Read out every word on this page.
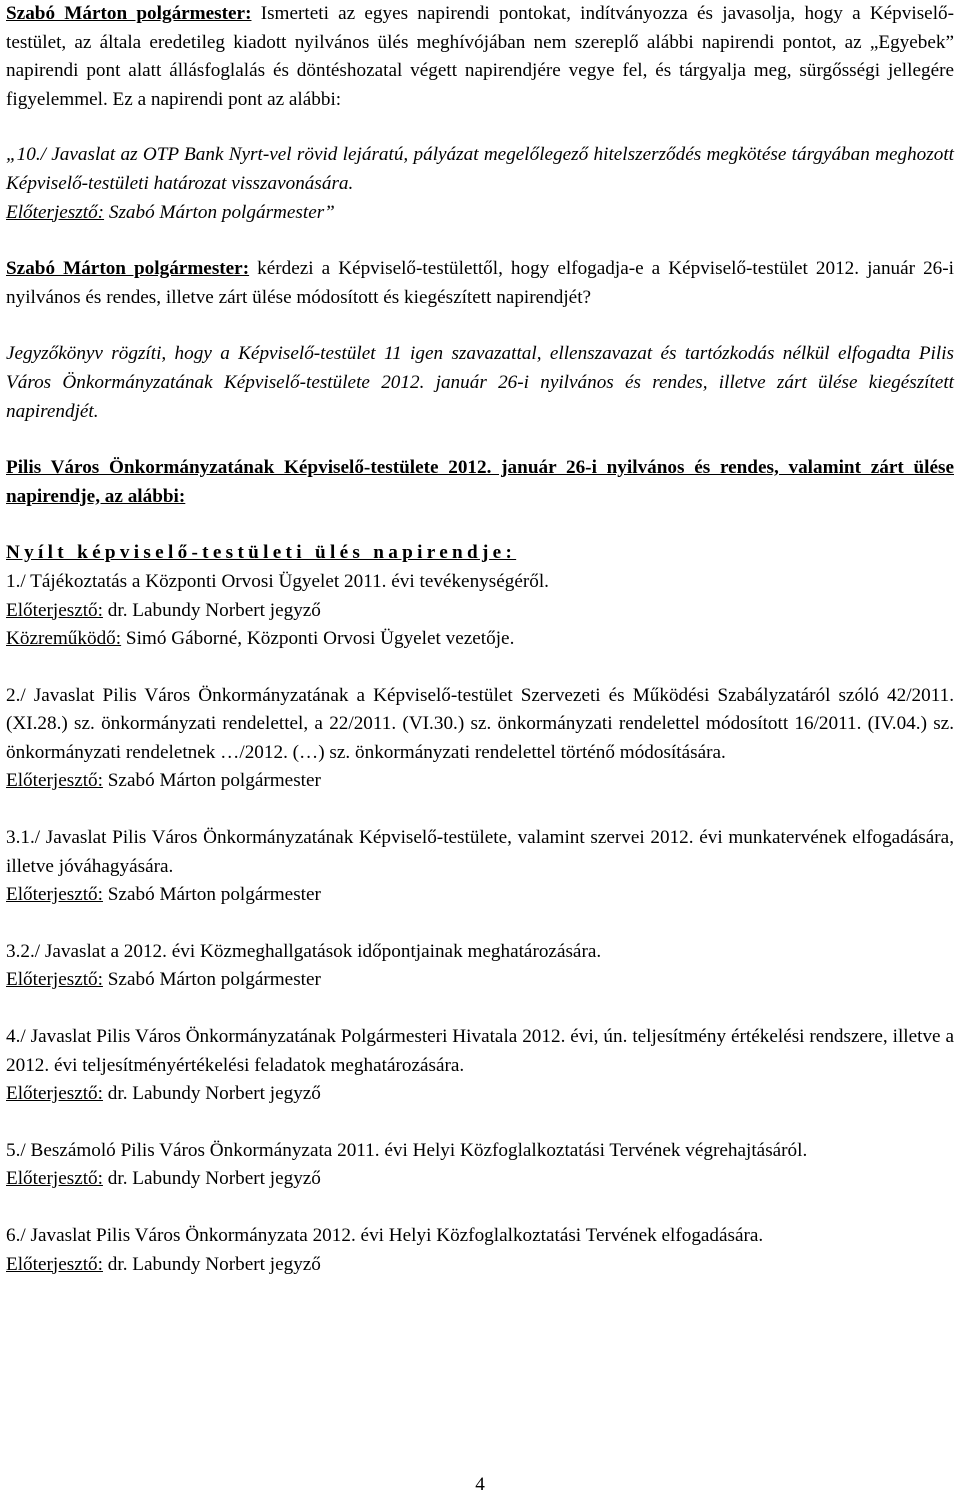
Szabó Márton polgármester: Ismerteti az egyes napirendi pontokat, indítványozza és javasolja, hogy a Képviselő-testület, az általa eredetileg kiadott nyilvános ülés meghívójában nem szereplő alábbi napirendi pontot, az „Egyebek” napirendi pont alatt állásfoglalás és döntéshozatal végett napirendjére vegye fel, és tárgyalja meg, sürgősségi jellegére figyelemmel. Ez a napirendi pont az alábbi:

„10./ Javaslat az OTP Bank Nyrt-vel rövid lejáratú, pályázat megelőlegező hitelszerződés megkötése tárgyában meghozott Képviselő-testületi határozat visszavonására.

Előterjesztő: Szabó Márton polgármester”

Szabó Márton polgármester: kérdezi a Képviselő-testülettől, hogy elfogadja-e a Képviselő-testület 2012. január 26-i nyilvános és rendes, illetve zárt ülése módosított és kiegészített napirendjét?

Jegyzőkönyv rögzíti, hogy a Képviselő-testület 11 igen szavazattal, ellenszavazat és tartózkodás nélkül elfogadta Pilis Város Önkormányzatának Képviselő-testülete 2012. január 26-i nyilvános és rendes, illetve zárt ülése kiegészített napirendjét.

Pilis Város Önkormányzatának Képviselő-testülete 2012. január 26-i nyilvános és rendes, valamint zárt ülése napirendje, az alábbi:

Nyílt képviselő-testületi ülés napirendje:

1./ Tájékoztatás a Központi Orvosi Ügyelet 2011. évi tevékenységéről.

Előterjesztő: dr. Labundy Norbert jegyző

Közreműködő: Simó Gáborné, Központi Orvosi Ügyelet vezetője.

2./ Javaslat Pilis Város Önkormányzatának a Képviselő-testület Szervezeti és Működési Szabályzatáról szóló 42/2011. (XI.28.) sz. önkormányzati rendelettel, a 22/2011. (VI.30.) sz. önkormányzati rendelettel módosított 16/2011. (IV.04.) sz. önkormányzati rendeletnek …/2012. (…) sz. önkormányzati rendelettel történő módosítására.

Előterjesztő: Szabó Márton polgármester

3.1./ Javaslat Pilis Város Önkormányzatának Képviselő-testülete, valamint szervei 2012. évi munkatervének elfogadására, illetve jóváhagyására.

Előterjesztő: Szabó Márton polgármester

3.2./ Javaslat a 2012. évi Közmeghallgatások időpontjainak meghatározására.

Előterjesztő: Szabó Márton polgármester

4./ Javaslat Pilis Város Önkormányzatának Polgármesteri Hivatala 2012. évi, ún. teljesítmény értékelési rendszere, illetve a 2012. évi teljesítményértékelési feladatok meghatározására.

Előterjesztő: dr. Labundy Norbert jegyző

5./ Beszámoló Pilis Város Önkormányzata 2011. évi Helyi Közfoglalkoztatási Tervének végrehajtásáról.

Előterjesztő: dr. Labundy Norbert jegyző

6./ Javaslat Pilis Város Önkormányzata 2012. évi Helyi Közfoglalkoztatási Tervének elfogadására.

Előterjesztő: dr. Labundy Norbert jegyző

4
